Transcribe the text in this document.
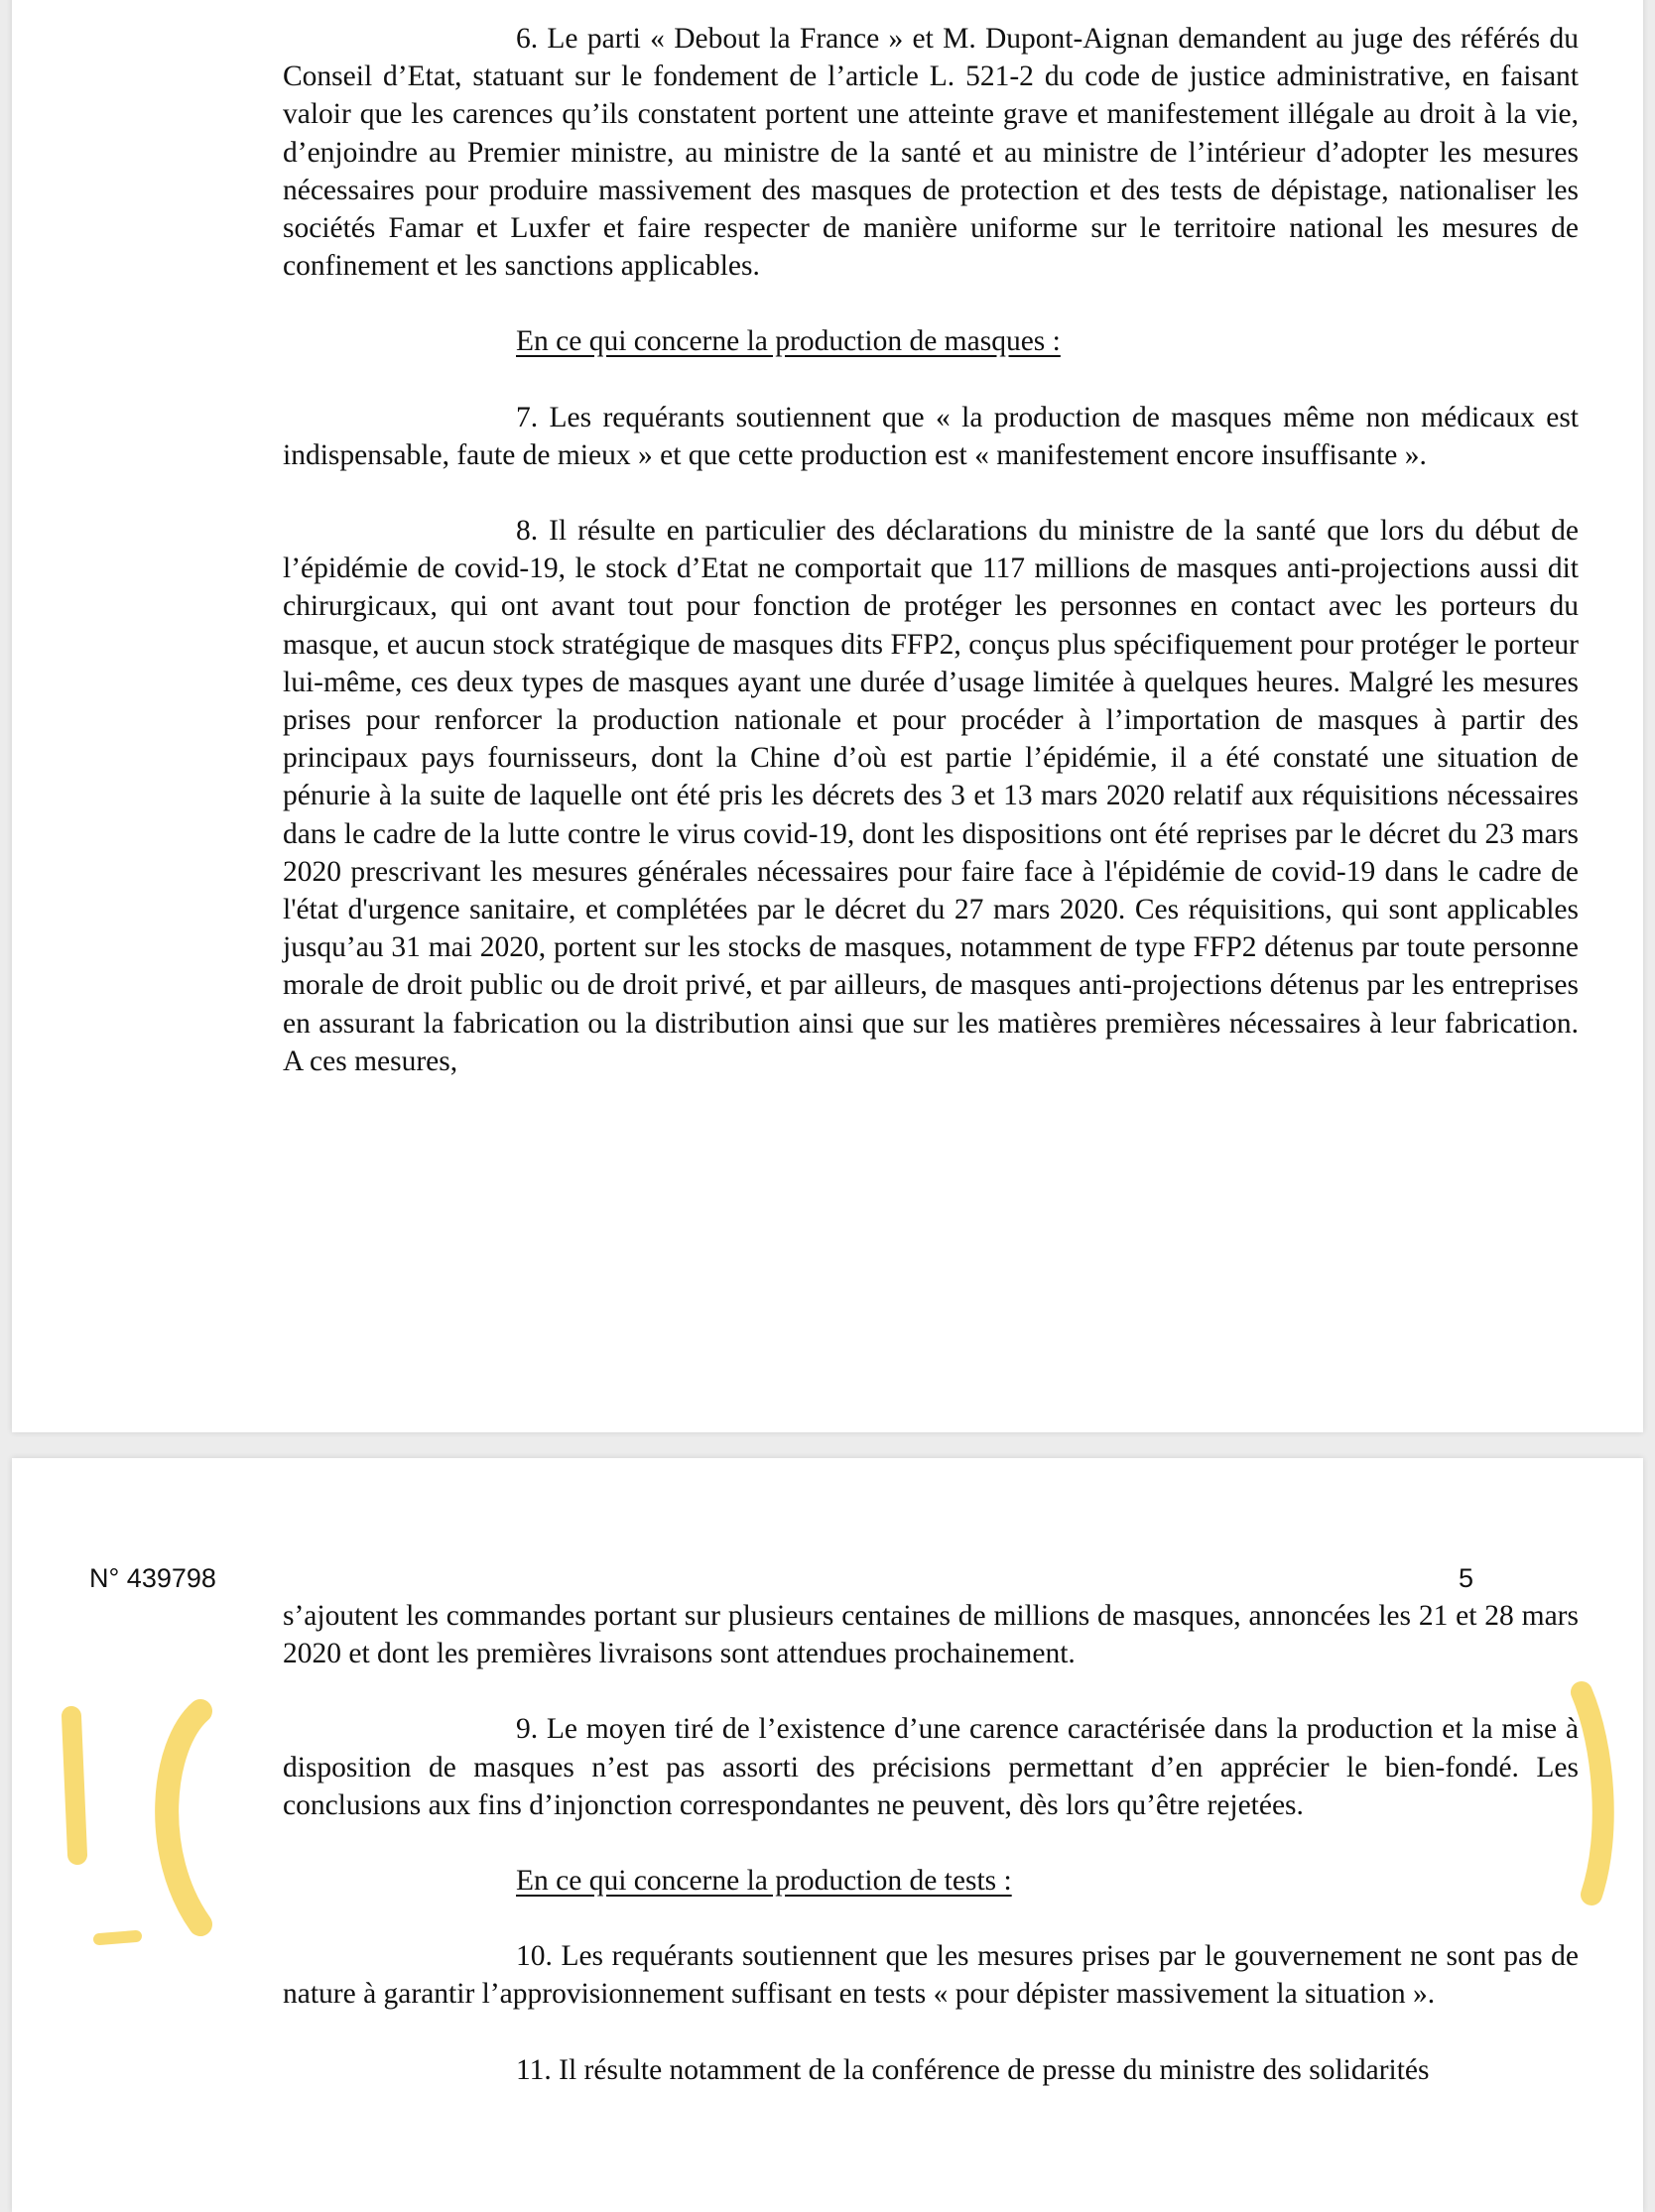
6. Le parti « Debout la France » et M. Dupont-Aignan demandent au juge des référés du Conseil d’Etat, statuant sur le fondement de l’article L. 521-2 du code de justice administrative, en faisant valoir que les carences qu’ils constatent portent une atteinte grave et manifestement illégale au droit à la vie, d’enjoindre au Premier ministre, au ministre de la santé et au ministre de l’intérieur d’adopter les mesures nécessaires pour produire massivement des masques de protection et des tests de dépistage, nationaliser les sociétés Famar et Luxfer et faire respecter de manière uniforme sur le territoire national les mesures de confinement et les sanctions applicables.

En ce qui concerne la production de masques :

7. Les requérants soutiennent que « la production de masques même non médicaux est indispensable, faute de mieux » et que cette production est « manifestement encore insuffisante ».

8. Il résulte en particulier des déclarations du ministre de la santé que lors du début de l’épidémie de covid-19, le stock d’Etat ne comportait que 117 millions de masques anti-projections aussi dit chirurgicaux, qui ont avant tout pour fonction de protéger les personnes en contact avec les porteurs du masque, et aucun stock stratégique de masques dits FFP2, conçus plus spécifiquement pour protéger le porteur lui-même, ces deux types de masques ayant une durée d’usage limitée à quelques heures. Malgré les mesures prises pour renforcer la production nationale et pour procéder à l’importation de masques à partir des principaux pays fournisseurs, dont la Chine d’où est partie l’épidémie, il a été constaté une situation de pénurie à la suite de laquelle ont été pris les décrets des 3 et 13 mars 2020 relatif aux réquisitions nécessaires dans le cadre de la lutte contre le virus covid-19, dont les dispositions ont été reprises par le décret du 23 mars 2020 prescrivant les mesures générales nécessaires pour faire face à l'épidémie de covid-19 dans le cadre de l'état d'urgence sanitaire, et complétées par le décret du 27 mars 2020. Ces réquisitions, qui sont applicables jusqu’au 31 mai 2020, portent sur les stocks de masques, notamment de type FFP2 détenus par toute personne morale de droit public ou de droit privé, et par ailleurs, de masques anti-projections détenus par les entreprises en assurant la fabrication ou la distribution ainsi que sur les matières premières nécessaires à leur fabrication. A ces mesures,

N° 439798	5

s’ajoutent les commandes portant sur plusieurs centaines de millions de masques, annoncées les 21 et 28 mars 2020 et dont les premières livraisons sont attendues prochainement.

9. Le moyen tiré de l’existence d’une carence caractérisée dans la production et la mise à disposition de masques n’est pas assorti des précisions permettant d’en apprécier le bien-fondé. Les conclusions aux fins d’injonction correspondantes ne peuvent, dès lors qu’être rejetées.

En ce qui concerne la production de tests :

10. Les requérants soutiennent que les mesures prises par le gouvernement ne sont pas de nature à garantir l’approvisionnement suffisant en tests « pour dépister massivement la situation ».

11. Il résulte notamment de la conférence de presse du ministre des solidarités
